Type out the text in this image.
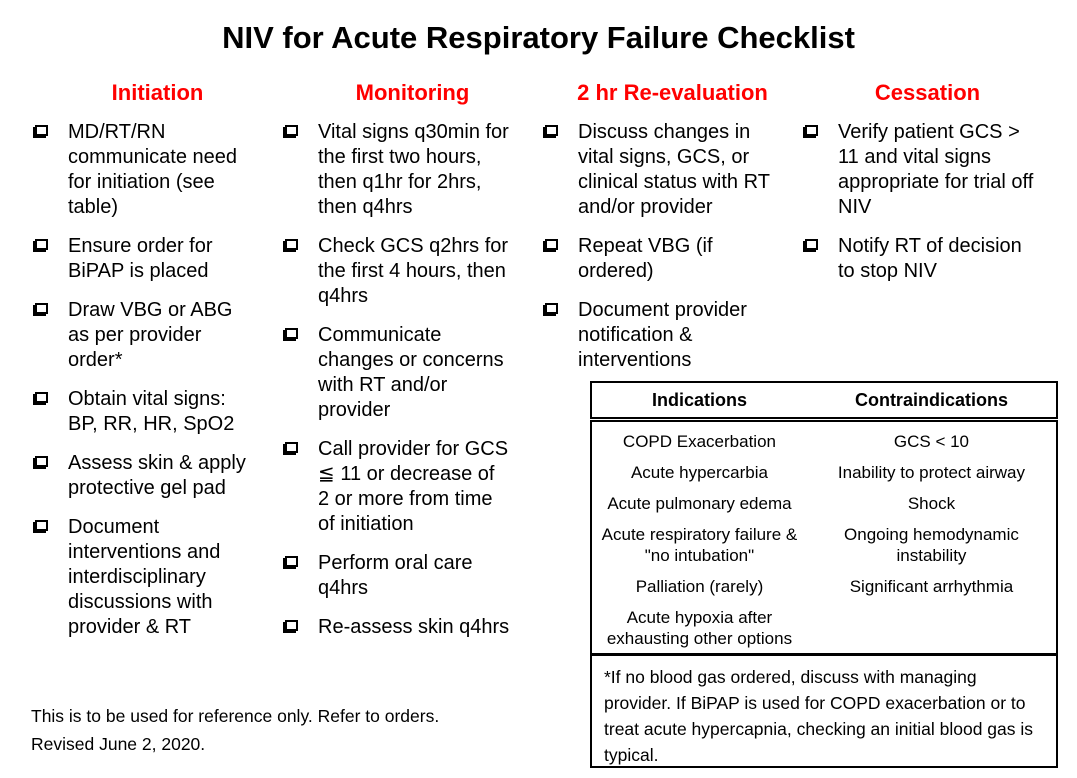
NIV for Acute Respiratory Failure Checklist
Initiation
MD/RT/RN communicate need for initiation (see table)
Ensure order for BiPAP is placed
Draw VBG or ABG as per provider order*
Obtain vital signs: BP, RR, HR, SpO2
Assess skin & apply protective gel pad
Document interventions and interdisciplinary discussions with provider & RT
Monitoring
Vital signs q30min for the first two hours, then q1hr for 2hrs, then q4hrs
Check GCS q2hrs for the first 4 hours, then q4hrs
Communicate changes or concerns with RT and/or provider
Call provider for GCS ≦ 11 or decrease of 2 or more from time of initiation
Perform oral care q4hrs
Re-assess skin q4hrs
2 hr Re-evaluation
Discuss changes in vital signs, GCS, or clinical status with RT and/or provider
Repeat VBG (if ordered)
Document provider notification & interventions
Cessation
Verify patient GCS > 11 and vital signs appropriate for trial off NIV
Notify RT of decision to stop NIV
Indications	Contraindications
COPD Exacerbation	GCS < 10
Acute hypercarbia	Inability to protect airway
Acute pulmonary edema	Shock
Acute respiratory failure & "no intubation"	Ongoing hemodynamic instability
Palliation (rarely)	Significant arrhythmia
Acute hypoxia after exhausting other options	
*If no blood gas ordered, discuss with managing provider. If BiPAP is used for COPD exacerbation or to treat acute hypercapnia, checking an initial blood gas is typical.
This is to be used for reference only. Refer to orders.
Revised June 2, 2020.
